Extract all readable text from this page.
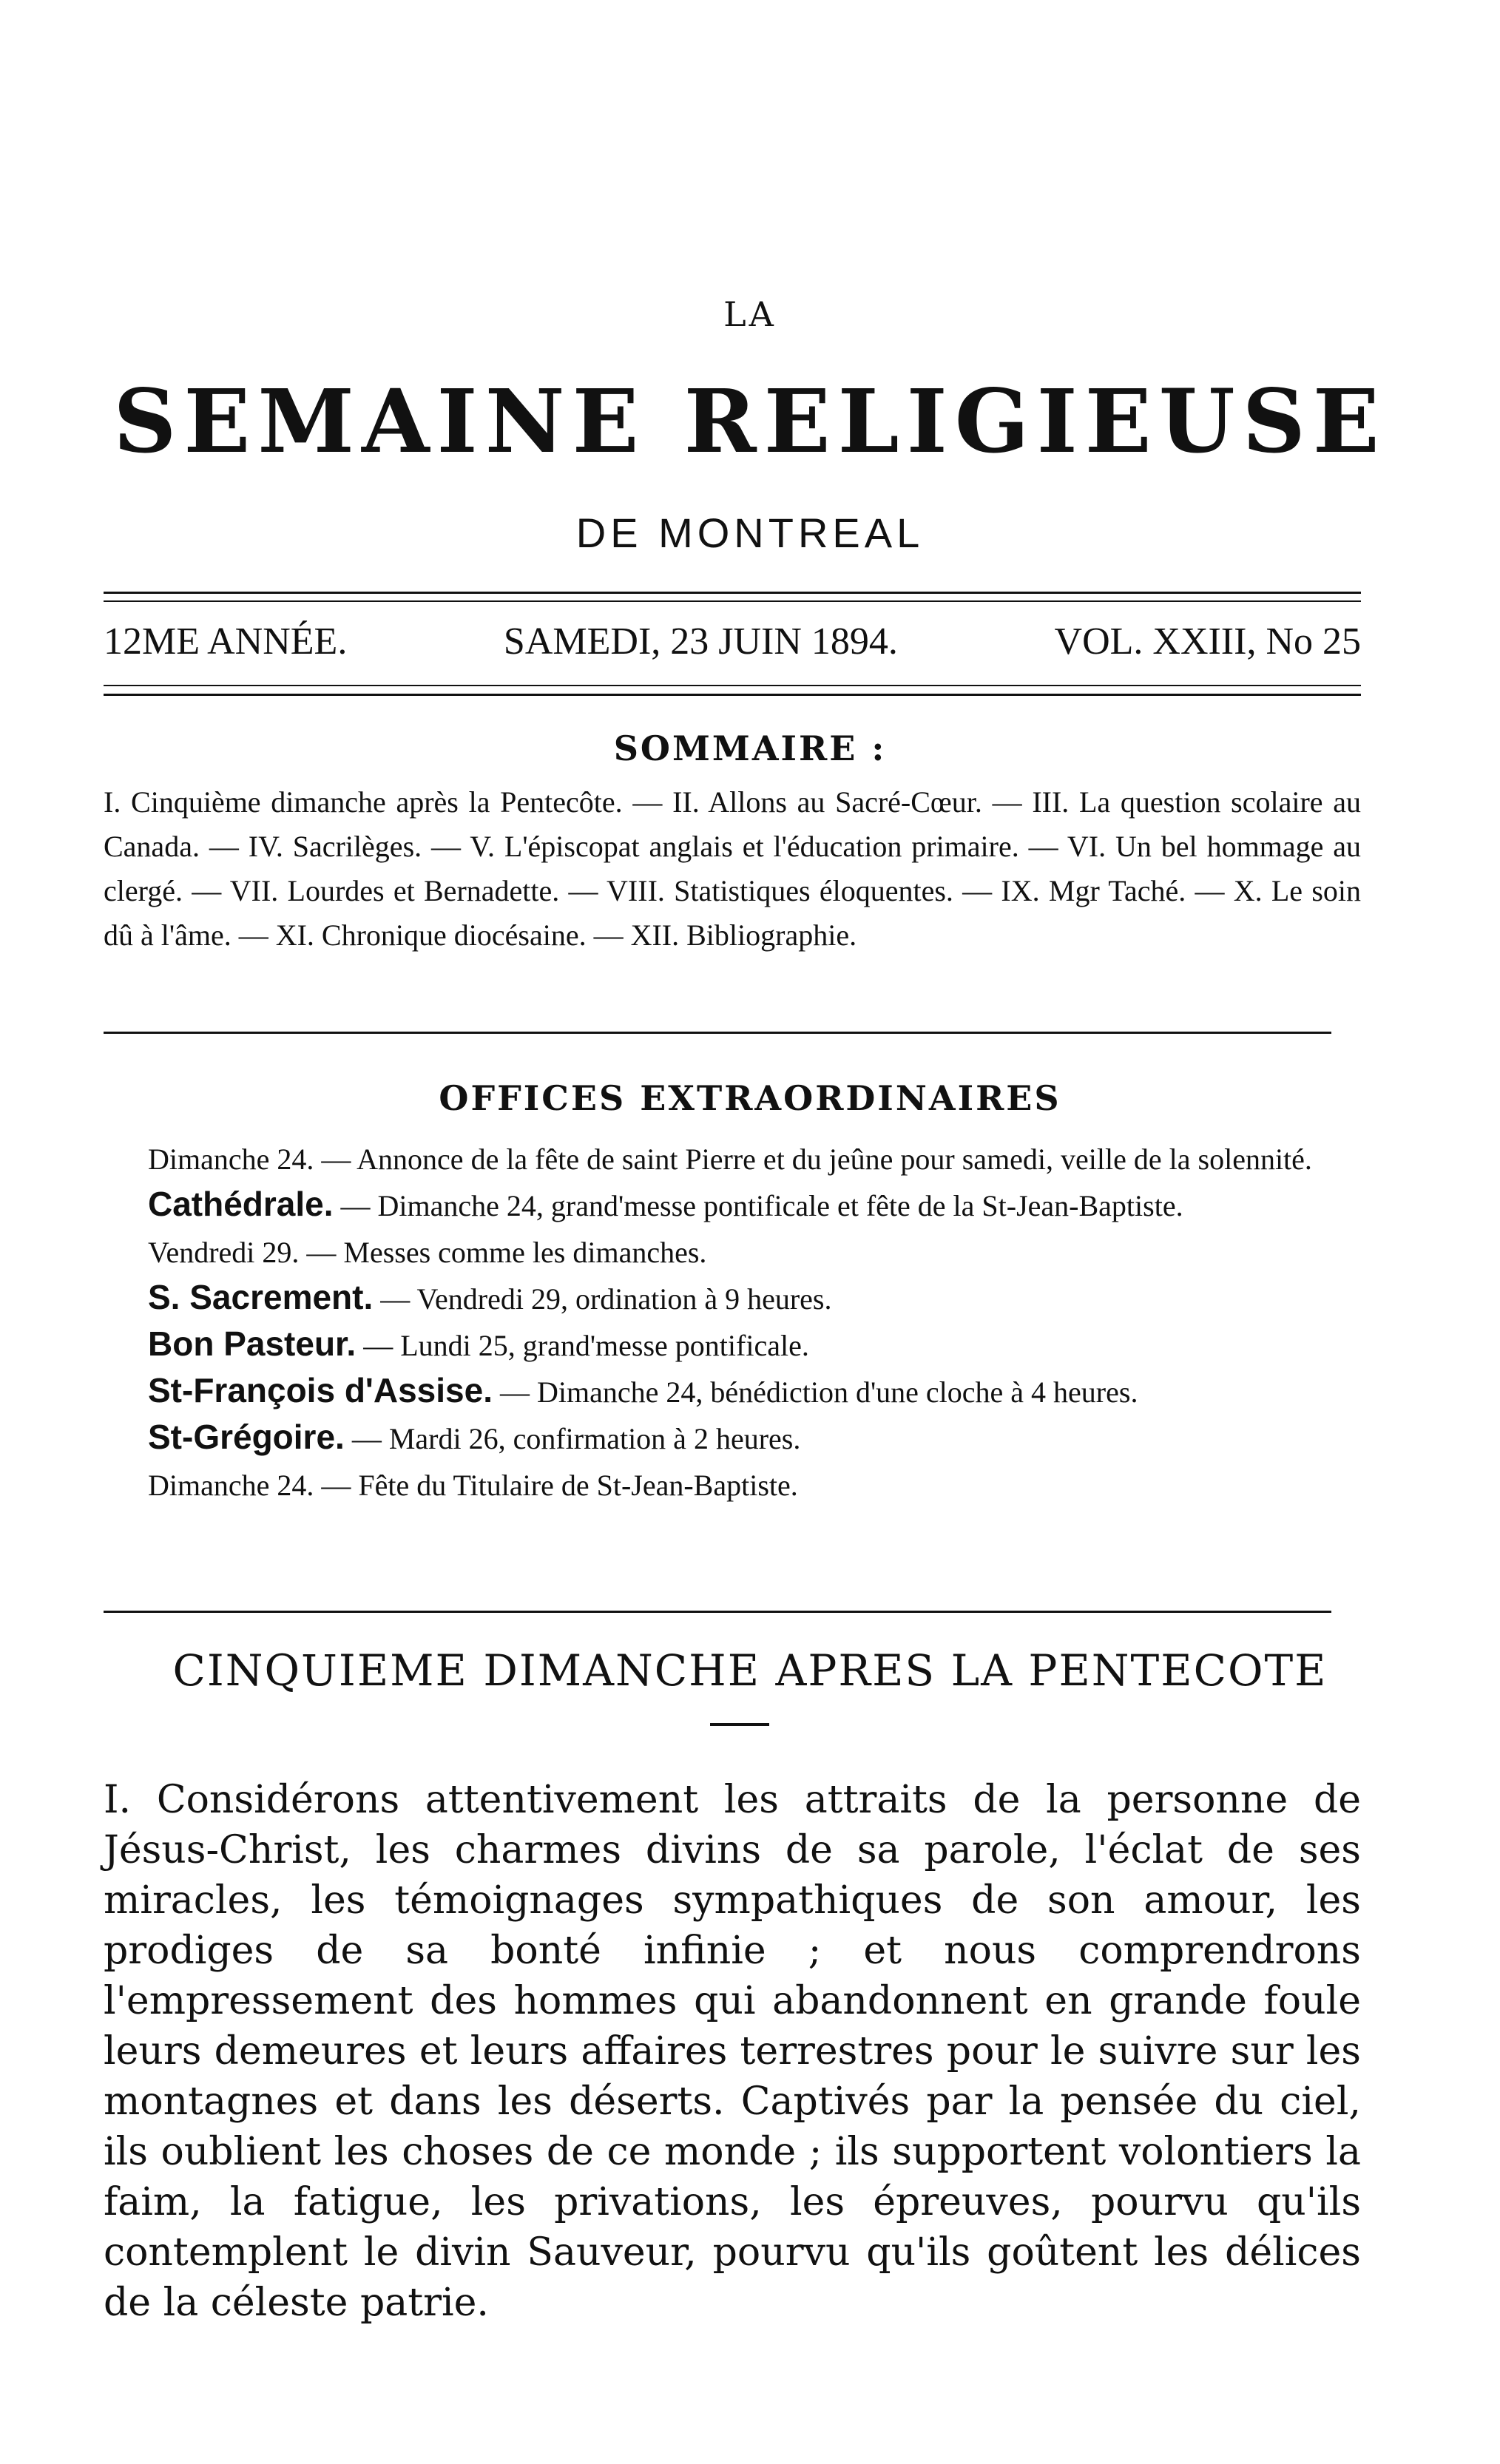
LA
SEMAINE RELIGIEUSE
DE MONTREAL
12ME ANNÉE.	SAMEDI, 23 JUIN 1894.	VOL. XXIII, No 25
SOMMAIRE :
I. Cinquième dimanche après la Pentecôte. — II. Allons au Sacré-Cœur. — III. La question scolaire au Canada. — IV. Sacrilèges. — V. L'épiscopat anglais et l'éducation primaire. — VI. Un bel hommage au clergé. — VII. Lourdes et Bernadette. — VIII. Statistiques éloquentes. — IX. Mgr Taché. — X. Le soin dû à l'âme. — XI. Chronique diocésaine. — XII. Bibliographie.
OFFICES EXTRAORDINAIRES

Dimanche 24. — Annonce de la fête de saint Pierre et du jeûne pour samedi, veille de la solennité.

Cathédrale. — Dimanche 24, grand'messe pontificale et fête de la St-Jean-Baptiste.

Vendredi 29. — Messes comme les dimanches.

S. Sacrement. — Vendredi 29, ordination à 9 heures.

Bon Pasteur. — Lundi 25, grand'messe pontificale.

St-François d'Assise. — Dimanche 24, bénédiction d'une cloche à 4 heures.

St-Grégoire. — Mardi 26, confirmation à 2 heures.

Dimanche 24. — Fête du Titulaire de St-Jean-Baptiste.

CINQUIEME DIMANCHE APRES LA PENTECOTE
I. Considérons attentivement les attraits de la personne de Jésus-Christ, les charmes divins de sa parole, l'éclat de ses miracles, les témoignages sympathiques de son amour, les prodiges de sa bonté infinie ; et nous comprendrons l'empressement des hommes qui abandonnent en grande foule leurs demeures et leurs affaires terrestres pour le suivre sur les montagnes et dans les déserts. Captivés par la pensée du ciel, ils oublient les choses de ce monde ; ils supportent volontiers la faim, la fatigue, les privations, les épreuves, pourvu qu'ils contemplent le divin Sauveur, pourvu qu'ils goûtent les délices de la céleste patrie.
